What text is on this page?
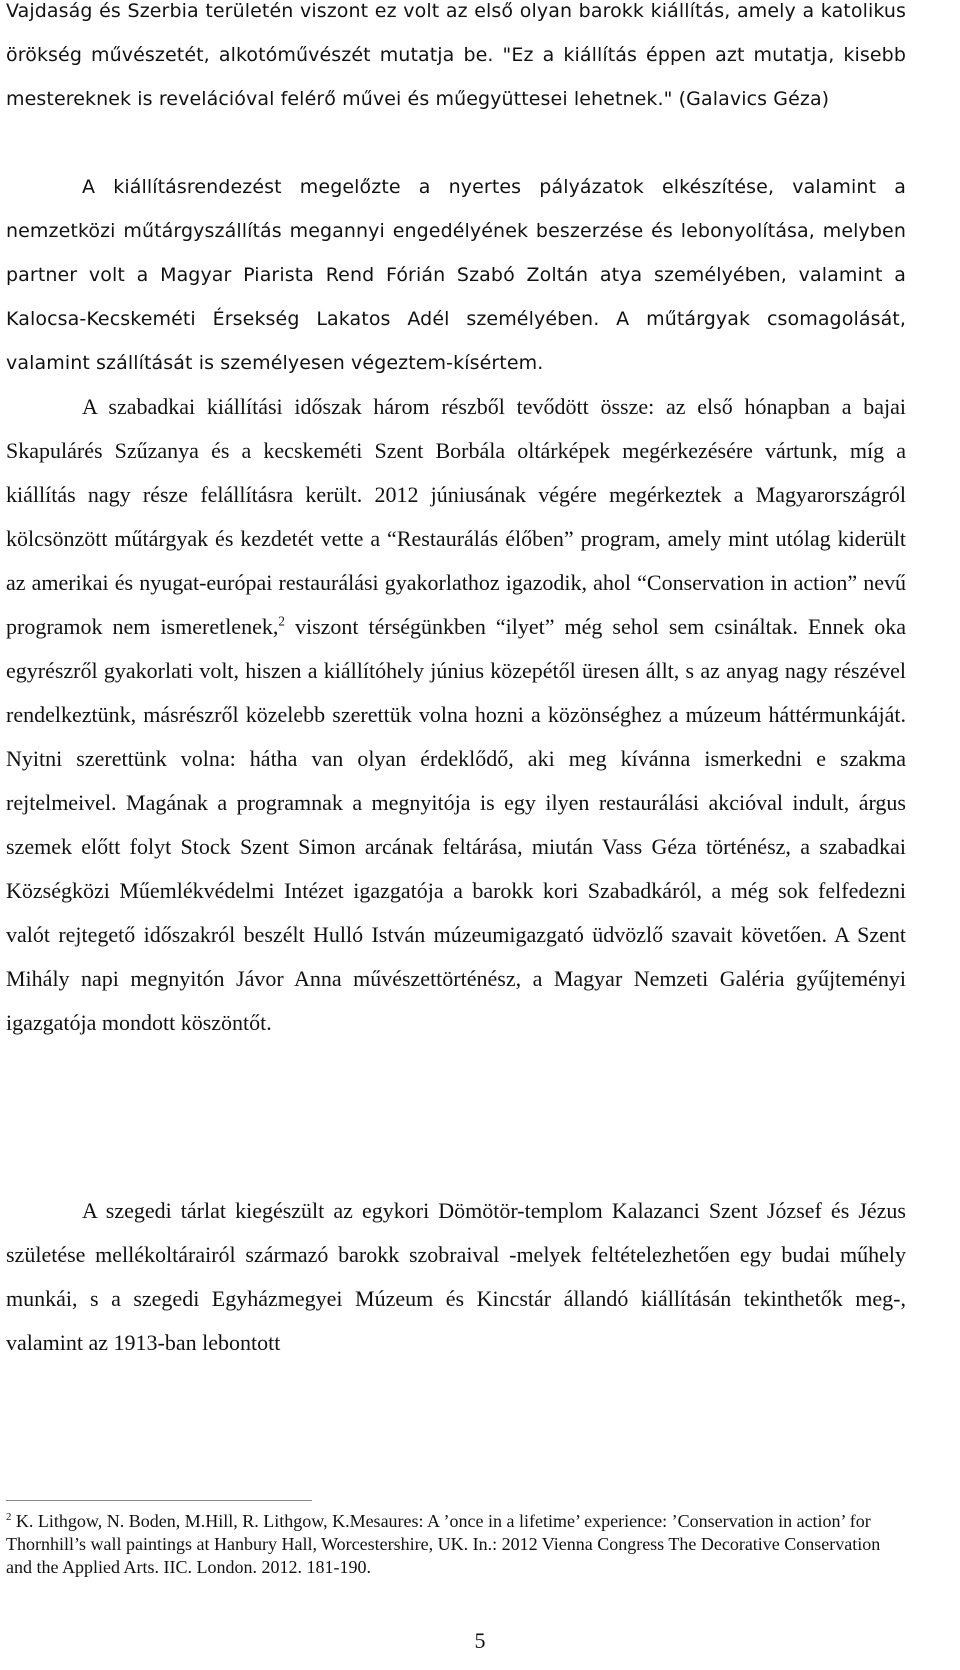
Vajdaság és Szerbia területén viszont ez volt az első olyan barokk kiállítás, amely a katolikus örökség művészetét, alkotóművészét mutatja be. "Ez a kiállítás éppen azt mutatja, kisebb mestereknek is revelációval felérő művei és műegyüttesei lehetnek." (Galavics Géza)

A kiállításrendezést megelőzte a nyertes pályázatok elkészítése, valamint a nemzetközi műtárgyszállítás megannyi engedélyének beszerzése és lebonyolítása, melyben partner volt a Magyar Piarista Rend Fórián Szabó Zoltán atya személyében, valamint a Kalocsa-Kecskeméti Érsekség Lakatos Adél személyében. A műtárgyak csomagolását, valamint szállítását is személyesen végeztem-kísértem.

A szabadkai kiállítási időszak három részből tevődött össze: az első hónapban a bajai Skapulárés Szűzanya és a kecskeméti Szent Borbála oltárképek megérkezésére vártunk, míg a kiállítás nagy része felállításra került. 2012 júniusának végére megérkeztek a Magyarországról kölcsönzött műtárgyak és kezdetét vette a “Restaurálás élőben” program, amely mint utólag kiderült az amerikai és nyugat-európai restaurálási gyakorlathoz igazodik, ahol “Conservation in action” nevű programok nem ismeretlenek,$^2$ viszont térségünkben “ilyet” még sehol sem csináltak. Ennek oka egyrészről gyakorlati volt, hiszen a kiállítóhely június közepétől üresen állt, s az anyag nagy részével rendelkeztünk, másrészről közelebb szerettük volna hozni a közönséghez a múzeum háttérmunkáját. Nyitni szerettünk volna: hátha van olyan érdeklődő, aki meg kívánna ismerkedni e szakma rejtelmeivel. Magának a programnak a megnyitója is egy ilyen restaurálási akcióval indult, árgus szemek előtt folyt Stock Szent Simon arcának feltárása, miután Vass Géza történész, a szabadkai Községközi Műemlékvédelmi Intézet igazgatója a barokk kori Szabadkáról, a még sok felfedezni valót rejtegető időszakról beszélt Hulló István múzeumigazgató üdvözlő szavait követően. A Szent Mihály napi megnyitón Jávor Anna művészettörténész, a Magyar Nemzeti Galéria gyűjteményi igazgatója mondott köszöntőt.

A szegedi tárlat kiegészült az egykori Dömötör-templom Kalazanci Szent József és Jézus születése mellékoltárairól származó barokk szobraival -melyek feltételezhetően egy budai műhely munkái, s a szegedi Egyházmegyei Múzeum és Kincstár állandó kiállításán tekinthetők meg-, valamint az 1913-ban lebontott

$^2$ K. Lithgow, N. Boden, M.Hill, R. Lithgow, K.Mesaures: A ’once in a lifetime’ experience: ’Conservation in action’ for Thornhill’s wall paintings at Hanbury Hall, Worcestershire, UK. In.: 2012 Vienna Congress The Decorative Conservation and the Applied Arts. IIC. London. 2012. 181-190.
5
